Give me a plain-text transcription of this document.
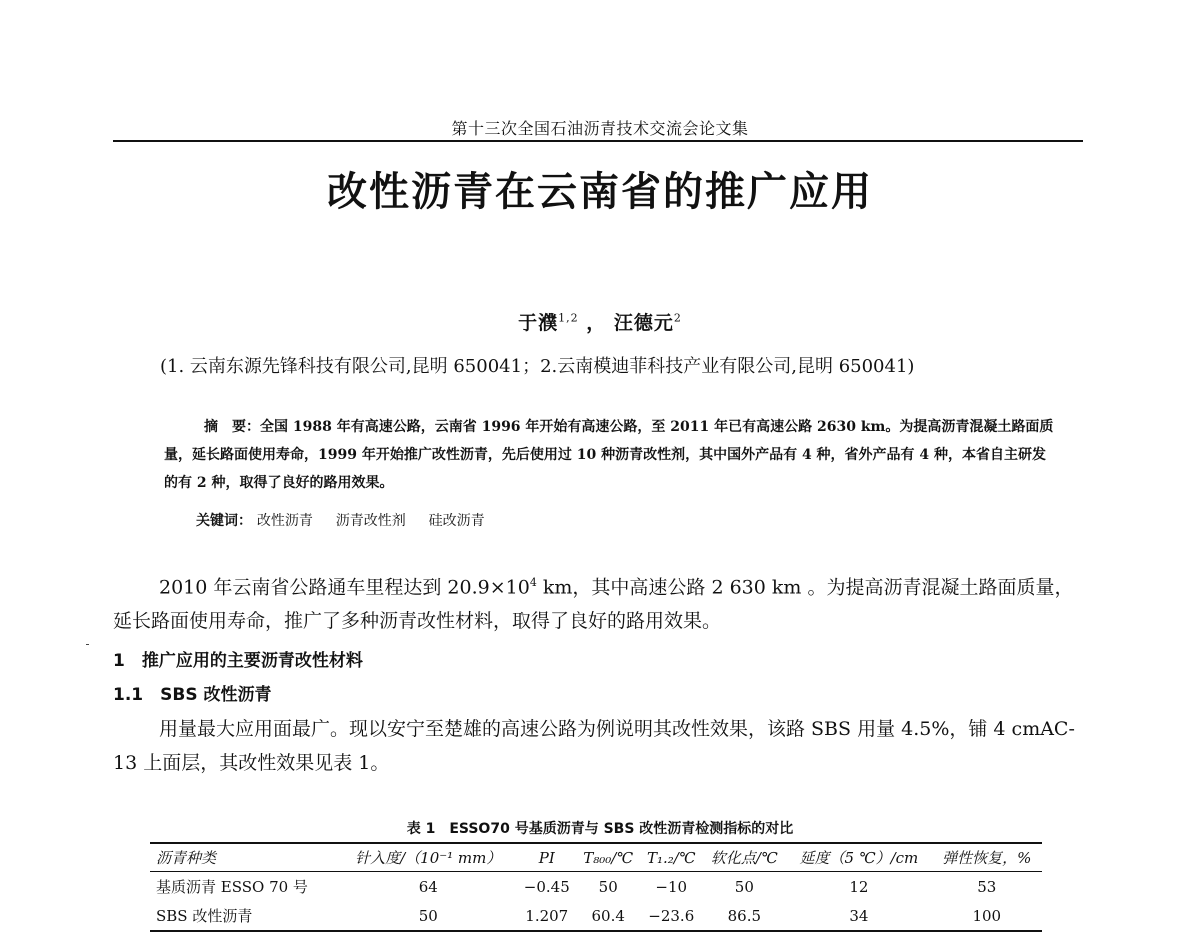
第十三次全国石油沥青技术交流会论文集
改性沥青在云南省的推广应用
于濮$^{1,2}$ ， 汪德元$^2$
(1. 云南东源先锋科技有限公司,昆明 650041；2.云南模迪菲科技产业有限公司,昆明 650041)
摘　要：全国 1988 年有高速公路，云南省 1996 年开始有高速公路，至 2011 年已有高速公路 2630 km。为提高沥青混凝土路面质量，延长路面使用寿命，1999 年开始推广改性沥青，先后使用过 10 种沥青改性剂，其中国外产品有 4 种，省外产品有 4 种，本省自主研发的有 2 种，取得了良好的路用效果。
关键词： 改性沥青 沥青改性剂 硅改沥青
2010 年云南省公路通车里程达到 $20.9\times 10^4$ km，其中高速公路 2 630 km 。为提高沥青混凝土路面质量，延长路面使用寿命，推广了多种沥青改性材料，取得了良好的路用效果。
1　推广应用的主要沥青改性材料
1.1　SBS 改性沥青
用量最大应用面最广。现以安宁至楚雄的高速公路为例说明其改性效果，该路 SBS 用量 4.5%，铺 4 cmAC-13 上面层，其改性效果见表 1。
表 1　ESSO70 号基质沥青与 SBS 改性沥青检测指标的对比
沥青种类	针入度/（10⁻¹ mm）	PI	T₈₀₀/℃	T₁.₂/℃	软化点/℃	延度（5 ℃）/cm	弹性恢复，%
基质沥青 ESSO 70 号	64	−0.45	50	−10	50	12	53
SBS 改性沥青	50	1.207	60.4	−23.6	86.5	34	100
